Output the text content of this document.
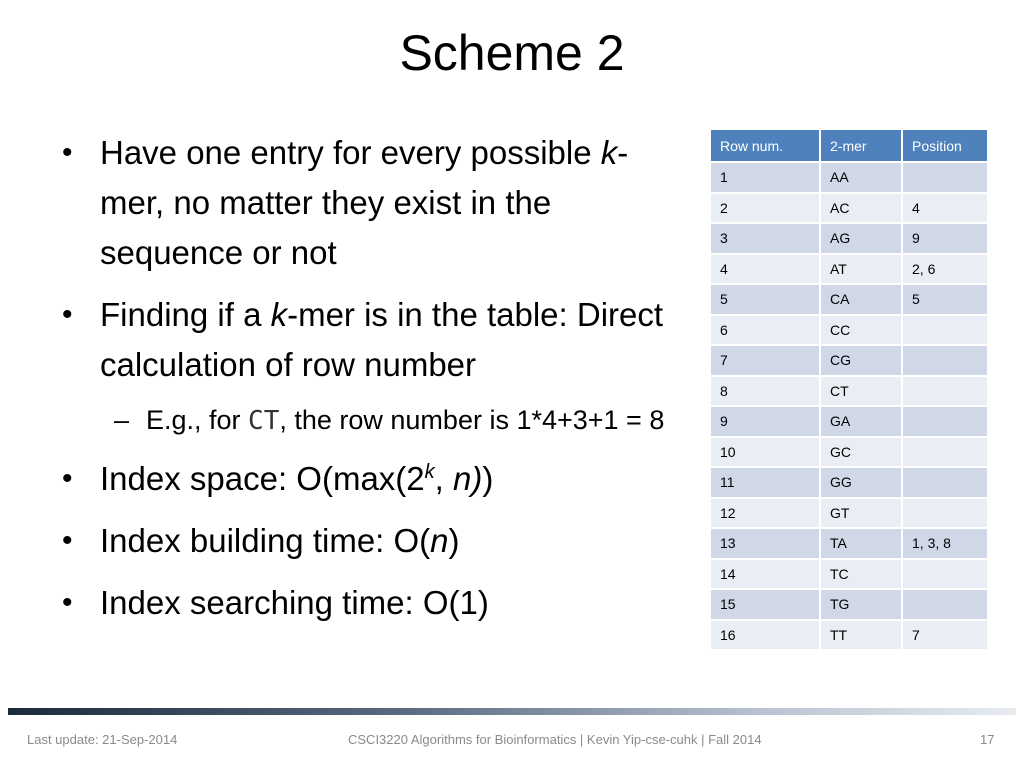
Scheme 2
• Have one entry for every possible k-mer, no matter they exist in the sequence or not
• Finding if a k-mer is in the table: Direct calculation of row number
– E.g., for CT, the row number is 1*4+3+1 = 8
• Index space: O(max(2$^k$, n))
• Index building time: O(n)
• Index searching time: O(1)
Row num.	2-mer	Position
1	AA	
2	AC	4
3	AG	9
4	AT	2, 6
5	CA	5
6	CC	
7	CG	
8	CT	
9	GA	
10	GC	
11	GG	
12	GT	
13	TA	1, 3, 8
14	TC	
15	TG	
16	TT	7
Last update: 21-Sep-2014	CSCI3220 Algorithms for Bioinformatics | Kevin Yip-cse-cuhk | Fall 2014	17
